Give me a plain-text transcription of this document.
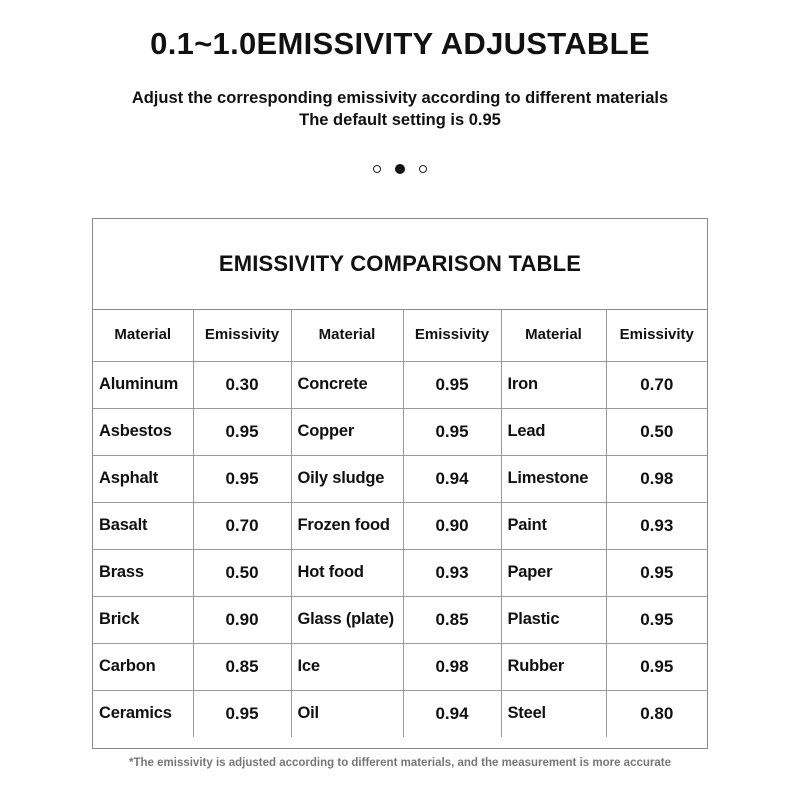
0.1~1.0EMISSIVITY ADJUSTABLE
Adjust the corresponding emissivity according to different materials
The default setting is 0.95
EMISSIVITY COMPARISON TABLE
Material	Emissivity	Material	Emissivity	Material	Emissivity
Aluminum	0.30	Concrete	0.95	Iron	0.70
Asbestos	0.95	Copper	0.95	Lead	0.50
Asphalt	0.95	Oily sludge	0.94	Limestone	0.98
Basalt	0.70	Frozen food	0.90	Paint	0.93
Brass	0.50	Hot food	0.93	Paper	0.95
Brick	0.90	Glass (plate)	0.85	Plastic	0.95
Carbon	0.85	Ice	0.98	Rubber	0.95
Ceramics	0.95	Oil	0.94	Steel	0.80
*The emissivity is adjusted according to different materials, and the measurement is more accurate
